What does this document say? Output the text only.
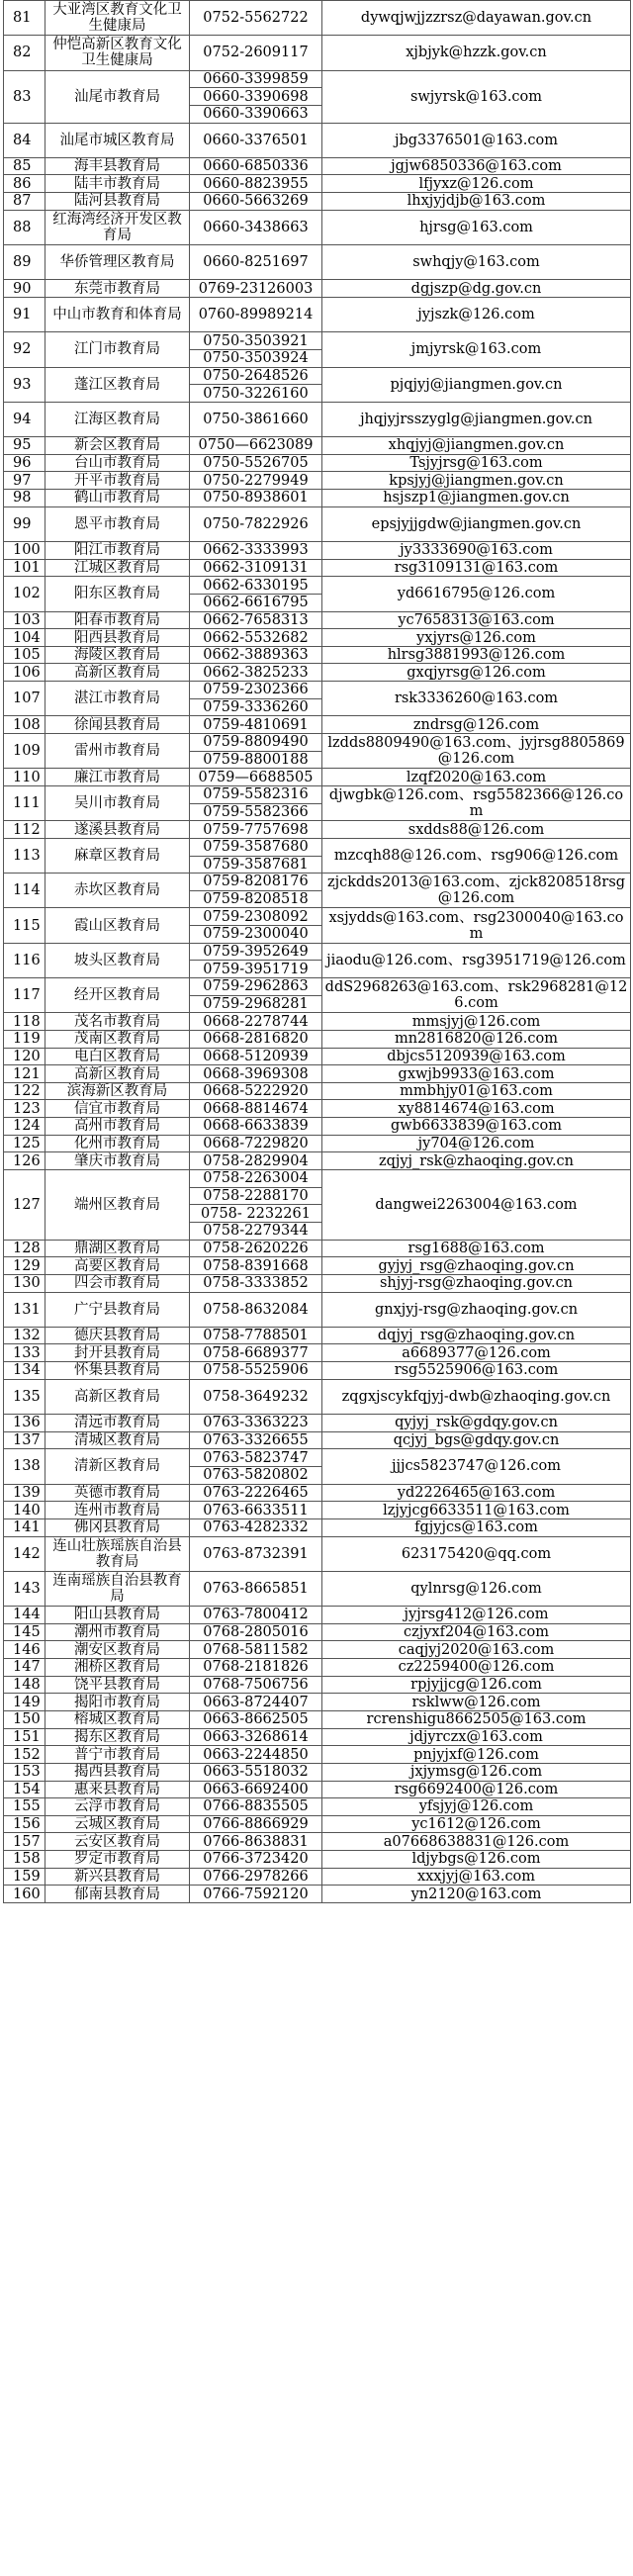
81	大亚湾区教育文化卫生健康局	0752-5562722	dywqjwjjzzrsz@dayawan.gov.cn
82	仲恺高新区教育文化卫生健康局	0752-2609117	xjbjyk@hzzk.gov.cn
83	汕尾市教育局	0660-3399859	swjyrsk@163.com
		0660-3390698	
		0660-3390663	
84	汕尾市城区教育局	0660-3376501	jbg3376501@163.com
85	海丰县教育局	0660-6850336	jgjw6850336@163.com
86	陆丰市教育局	0660-8823955	lfjyxz@126.com
87	陆河县教育局	0660-5663269	lhxjyjdjb@163.com
88	红海湾经济开发区教育局	0660-3438663	hjrsg@163.com
89	华侨管理区教育局	0660-8251697	swhqjy@163.com
90	东莞市教育局	0769-23126003	dgjszp@dg.gov.cn
91	中山市教育和体育局	0760-89989214	jyjszk@126.com
92	江门市教育局	0750-3503921	jmjyrsk@163.com
		0750-3503924	
93	蓬江区教育局	0750-2648526	pjqjyj@jiangmen.gov.cn
		0750-3226160	
94	江海区教育局	0750-3861660	jhqjyjrsszyglg@jiangmen.gov.cn
95	新会区教育局	0750—6623089	xhqjyj@jiangmen.gov.cn
96	台山市教育局	0750-5526705	Tsjyjrsg@163.com
97	开平市教育局	0750-2279949	kpsjyj@jiangmen.gov.cn
98	鹤山市教育局	0750-8938601	hsjszp1@jiangmen.gov.cn
99	恩平市教育局	0750-7822926	epsjyjjgdw@jiangmen.gov.cn
100	阳江市教育局	0662-3333993	jy3333690@163.com
101	江城区教育局	0662-3109131	rsg3109131@163.com
102	阳东区教育局	0662-6330195	yd6616795@126.com
		0662-6616795	
103	阳春市教育局	0662-7658313	yc7658313@163.com
104	阳西县教育局	0662-5532682	yxjyrs@126.com
105	海陵区教育局	0662-3889363	hlrsg3881993@126.com
106	高新区教育局	0662-3825233	gxqjyrsg@126.com
107	湛江市教育局	0759-2302366	rsk3336260@163.com
		0759-3336260	
108	徐闻县教育局	0759-4810691	zndrsg@126.com
109	雷州市教育局	0759-8809490	lzdds8809490@163.com、jyjrsg8805869@126.com
		0759-8800188	
110	廉江市教育局	0759—6688505	lzqf2020@163.com
111	吴川市教育局	0759-5582316	djwgbk@126.com、rsg5582366@126.com
		0759-5582366	
112	遂溪县教育局	0759-7757698	sxdds88@126.com
113	麻章区教育局	0759-3587680	mzcqh88@126.com、rsg906@126.com
		0759-3587681	
114	赤坎区教育局	0759-8208176	zjckdds2013@163.com、zjck8208518rsg@126.com
		0759-8208518	
115	霞山区教育局	0759-2308092	xsjydds@163.com、rsg2300040@163.com
		0759-2300040	
116	坡头区教育局	0759-3952649	jiaodu@126.com、rsg3951719@126.com
		0759-3951719	
117	经开区教育局	0759-2962863	ddS2968263@163.com、rsk2968281@126.com
		0759-2968281	
118	茂名市教育局	0668-2278744	mmsjyj@126.com
119	茂南区教育局	0668-2816820	mn2816820@126.com
120	电白区教育局	0668-5120939	dbjcs5120939@163.com
121	高新区教育局	0668-3969308	gxwjb9933@163.com
122	滨海新区教育局	0668-5222920	mmbhjy01@163.com
123	信宜市教育局	0668-8814674	xy8814674@163.com
124	高州市教育局	0668-6633839	gwb6633839@163.com
125	化州市教育局	0668-7229820	jy704@126.com
126	肇庆市教育局	0758-2829904	zqjyj_rsk@zhaoqing.gov.cn
127	端州区教育局	0758-2263004	dangwei2263004@163.com
		0758-2288170	
		0758- 2232261	
		0758-2279344	
128	鼎湖区教育局	0758-2620226	rsg1688@163.com
129	高要区教育局	0758-8391668	gyjyj_rsg@zhaoqing.gov.cn
130	四会市教育局	0758-3333852	shjyj-rsg@zhaoqing.gov.cn
131	广宁县教育局	0758-8632084	gnxjyj-rsg@zhaoqing.gov.cn
132	德庆县教育局	0758-7788501	dqjyj_rsg@zhaoqing.gov.cn
133	封开县教育局	0758-6689377	a6689377@126.com
134	怀集县教育局	0758-5525906	rsg5525906@163.com
135	高新区教育局	0758-3649232	zqgxjscykfqjyj-dwb@zhaoqing.gov.cn
136	清远市教育局	0763-3363223	qyjyj_rsk@gdqy.gov.cn
137	清城区教育局	0763-3326655	qcjyj_bgs@gdqy.gov.cn
138	清新区教育局	0763-5823747	jjjcs5823747@126.com
		0763-5820802	
139	英德市教育局	0763-2226465	yd2226465@163.com
140	连州市教育局	0763-6633511	lzjyjcg6633511@163.com
141	佛冈县教育局	0763-4282332	fgjyjcs@163.com
142	连山壮族瑶族自治县教育局	0763-8732391	623175420@qq.com
143	连南瑶族自治县教育局	0763-8665851	qylnrsg@126.com
144	阳山县教育局	0763-7800412	jyjrsg412@126.com
145	潮州市教育局	0768-2805016	czjyxf204@163.com
146	潮安区教育局	0768-5811582	caqjyj2020@163.com
147	湘桥区教育局	0768-2181826	cz2259400@126.com
148	饶平县教育局	0768-7506756	rpjyjjcg@126.com
149	揭阳市教育局	0663-8724407	rsklww@126.com
150	榕城区教育局	0663-8662505	rcrenshigu8662505@163.com
151	揭东区教育局	0663-3268614	jdjyrczx@163.com
152	普宁市教育局	0663-2244850	pnjyjxf@126.com
153	揭西县教育局	0663-5518032	jxjymsg@126.com
154	惠来县教育局	0663-6692400	rsg6692400@126.com
155	云浮市教育局	0766-8835505	yfsjyj@126.com
156	云城区教育局	0766-8866929	yc1612@126.com
157	云安区教育局	0766-8638831	a07668638831@126.com
158	罗定市教育局	0766-3723420	ldjybgs@126.com
159	新兴县教育局	0766-2978266	xxxjyj@163.com
160	郁南县教育局	0766-7592120	yn2120@163.com
